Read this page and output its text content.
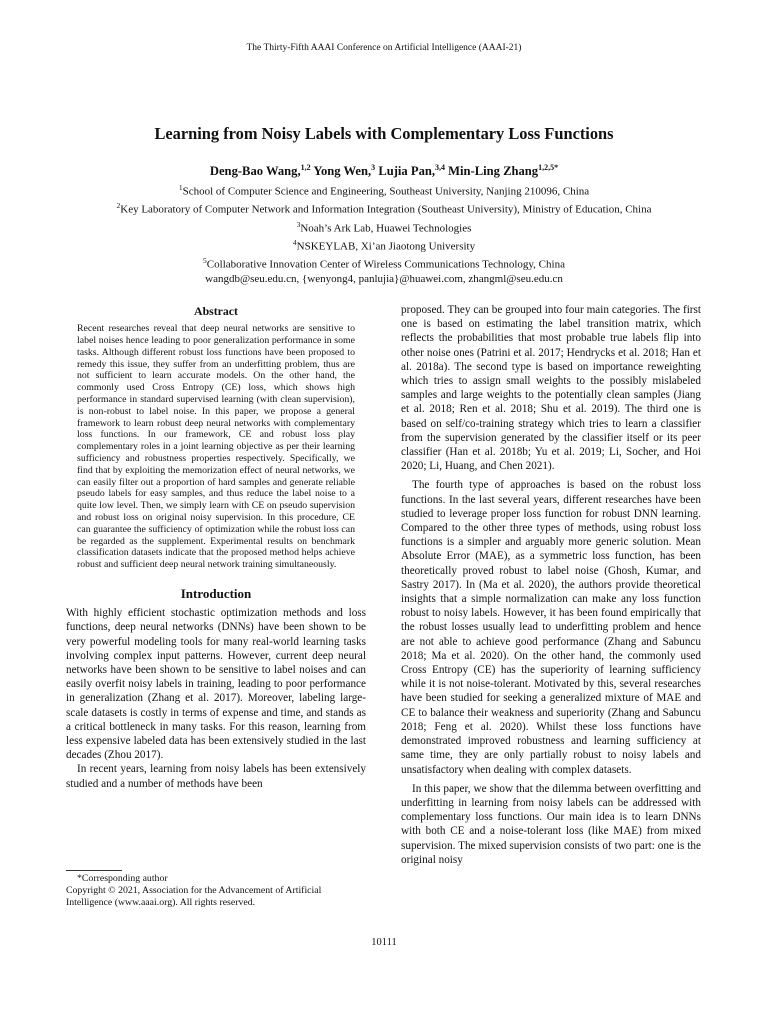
The Thirty-Fifth AAAI Conference on Artificial Intelligence (AAAI-21)
Learning from Noisy Labels with Complementary Loss Functions
Deng-Bao Wang,$^{1,2}$ Yong Wen,$^3$ Lujia Pan,$^{3,4}$ Min-Ling Zhang$^{1,2,5*}$
$^1$School of Computer Science and Engineering, Southeast University, Nanjing 210096, China
$^2$Key Laboratory of Computer Network and Information Integration (Southeast University), Ministry of Education, China
$^3$Noah’s Ark Lab, Huawei Technologies
$^4$NSKEYLAB, Xi’an Jiaotong University
$^5$Collaborative Innovation Center of Wireless Communications Technology, China
wangdb@seu.edu.cn, {wenyong4, panlujia}@huawei.com, zhangml@seu.edu.cn
Abstract
Recent researches reveal that deep neural networks are sensitive to label noises hence leading to poor generalization performance in some tasks. Although different robust loss functions have been proposed to remedy this issue, they suffer from an underfitting problem, thus are not sufficient to learn accurate models. On the other hand, the commonly used Cross Entropy (CE) loss, which shows high performance in standard supervised learning (with clean supervision), is non-robust to label noise. In this paper, we propose a general framework to learn robust deep neural networks with complementary loss functions. In our framework, CE and robust loss play complementary roles in a joint learning objective as per their learning sufficiency and robustness properties respectively. Specifically, we find that by exploiting the memorization effect of neural networks, we can easily filter out a proportion of hard samples and generate reliable pseudo labels for easy samples, and thus reduce the label noise to a quite low level. Then, we simply learn with CE on pseudo supervision and robust loss on original noisy supervision. In this procedure, CE can guarantee the sufficiency of optimization while the robust loss can be regarded as the supplement. Experimental results on benchmark classification datasets indicate that the proposed method helps achieve robust and sufficient deep neural network training simultaneously.
Introduction

With highly efficient stochastic optimization methods and loss functions, deep neural networks (DNNs) have been shown to be very powerful modeling tools for many real-world learning tasks involving complex input patterns. However, current deep neural networks have been shown to be sensitive to label noises and can easily overfit noisy labels in training, leading to poor performance in generalization (Zhang et al. 2017). Moreover, labeling large-scale datasets is costly in terms of expense and time, and stands as a critical bottleneck in many tasks. For this reason, learning from less expensive labeled data has been extensively studied in the last decades (Zhou 2017).

In recent years, learning from noisy labels has been extensively studied and a number of methods have been

*Corresponding author
Copyright © 2021, Association for the Advancement of Artificial Intelligence (www.aaai.org). All rights reserved.

proposed. They can be grouped into four main categories. The first one is based on estimating the label transition matrix, which reflects the probabilities that most probable true labels flip into other noise ones (Patrini et al. 2017; Hendrycks et al. 2018; Han et al. 2018a). The second type is based on importance reweighting which tries to assign small weights to the possibly mislabeled samples and large weights to the potentially clean samples (Jiang et al. 2018; Ren et al. 2018; Shu et al. 2019). The third one is based on self/co-training strategy which tries to learn a classifier from the supervision generated by the classifier itself or its peer classifier (Han et al. 2018b; Yu et al. 2019; Li, Socher, and Hoi 2020; Li, Huang, and Chen 2021).

The fourth type of approaches is based on the robust loss functions. In the last several years, different researches have been studied to leverage proper loss function for robust DNN learning. Compared to the other three types of methods, using robust loss functions is a simpler and arguably more generic solution. Mean Absolute Error (MAE), as a symmetric loss function, has been theoretically proved robust to label noise (Ghosh, Kumar, and Sastry 2017). In (Ma et al. 2020), the authors provide theoretical insights that a simple normalization can make any loss function robust to noisy labels. However, it has been found empirically that the robust losses usually lead to underfitting problem and hence are not able to achieve good performance (Zhang and Sabuncu 2018; Ma et al. 2020). On the other hand, the commonly used Cross Entropy (CE) has the superiority of learning sufficiency while it is not noise-tolerant. Motivated by this, several researches have been studied for seeking a generalized mixture of MAE and CE to balance their weakness and superiority (Zhang and Sabuncu 2018; Feng et al. 2020). Whilst these loss functions have demonstrated improved robustness and learning sufficiency at same time, they are only partially robust to noisy labels and unsatisfactory when dealing with complex datasets.

In this paper, we show that the dilemma between overfitting and underfitting in learning from noisy labels can be addressed with complementary loss functions. Our main idea is to learn DNNs with both CE and a noise-tolerant loss (like MAE) from mixed supervision. The mixed supervision consists of two part: one is the original noisy

10111
